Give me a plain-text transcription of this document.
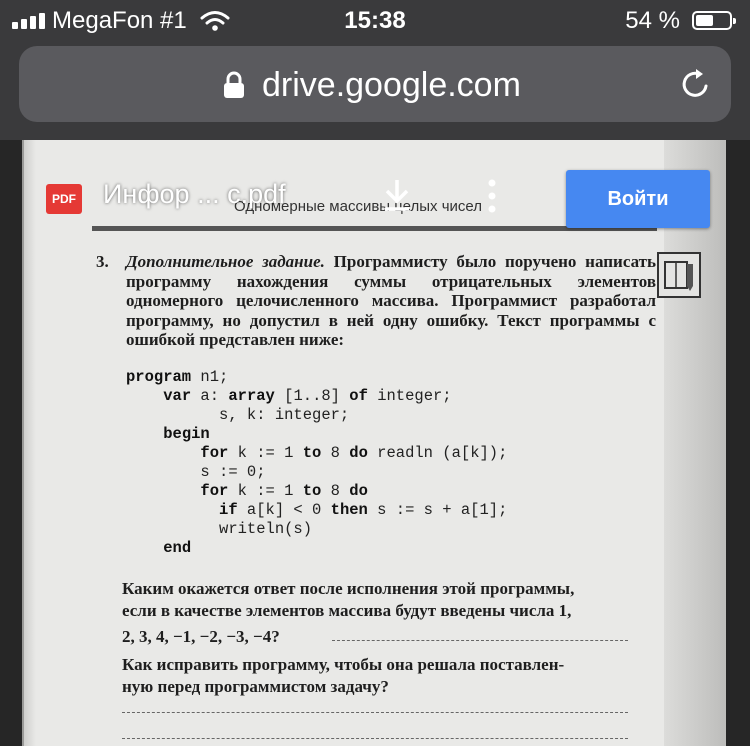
MegaFon #1	15:38	54 %
drive.google.com
Одномерные массивы целых чисел
3. Дополнительное задание. Программисту было поручено написать программу нахождения суммы отрицательных элементов одномерного целочисленного массива. Программист разработал программу, но допустил в ней одну ошибку. Текст программы с ошибкой представлен ниже:
program n1;
var a: array [1..8] of integer;
s, k: integer;
begin
for k := 1 to 8 do readln (a[k]);
s := 0;
for k := 1 to 8 do
if a[k] < 0 then s := s + a[1];
writeln(s)
end
Каким окажется ответ после исполнения этой программы,
если в качестве элементов массива будут введены числа 1,
2, 3, 4, −1, −2, −3, −4?
Как исправить программу, чтобы она решала поставлен-
ную перед программистом задачу?
PDF Инфор ... с.pdf	Войти
